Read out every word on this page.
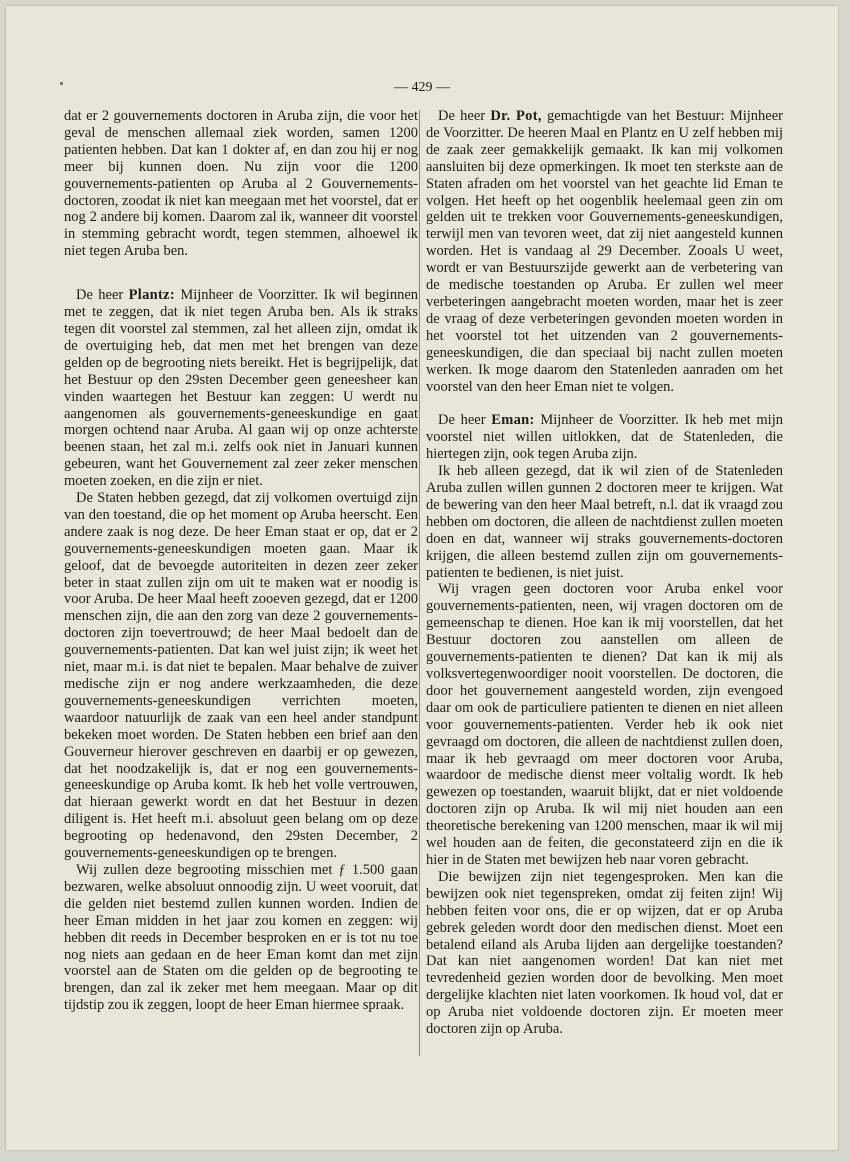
— 429 —

dat er 2 gouvernements doctoren in Aruba zijn, die voor het geval de menschen allemaal ziek worden, samen 1200 patienten hebben. Dat kan 1 dokter af, en dan zou hij er nog meer bij kunnen doen. Nu zijn voor die 1200 gouvernements-patienten op Aruba al 2 Gouvernements-doctoren, zoodat ik niet kan meegaan met het voorstel, dat er nog 2 andere bij komen. Daarom zal ik, wanneer dit voorstel in stemming gebracht wordt, tegen stemmen, alhoewel ik niet tegen Aruba ben.

De heer Plantz: Mijnheer de Voorzitter. Ik wil beginnen met te zeggen, dat ik niet tegen Aruba ben. Als ik straks tegen dit voorstel zal stemmen, zal het alleen zijn, omdat ik de overtuiging heb, dat men met het brengen van deze gelden op de begrooting niets bereikt. Het is begrijpelijk, dat het Bestuur op den 29sten December geen geneesheer kan vinden waartegen het Bestuur kan zeggen: U werdt nu aangenomen als gouvernements-geneeskundige en gaat morgen ochtend naar Aruba. Al gaan wij op onze achterste beenen staan, het zal m.i. zelfs ook niet in Januari kunnen gebeuren, want het Gouvernement zal zeer zeker menschen moeten zoeken, en die zijn er niet.

De Staten hebben gezegd, dat zij volkomen overtuigd zijn van den toestand, die op het moment op Aruba heerscht. Een andere zaak is nog deze. De heer Eman staat er op, dat er 2 gouvernements-geneeskundigen moeten gaan. Maar ik geloof, dat de bevoegde autoriteiten in dezen zeer zeker beter in staat zullen zijn om uit te maken wat er noodig is voor Aruba. De heer Maal heeft zooeven gezegd, dat er 1200 menschen zijn, die aan den zorg van deze 2 gouvernements-doctoren zijn toevertrouwd; de heer Maal bedoelt dan de gouvernements-patienten. Dat kan wel juist zijn; ik weet het niet, maar m.i. is dat niet te bepalen. Maar behalve de zuiver medische zijn er nog andere werkzaamheden, die deze gouvernements-geneeskundigen verrichten moeten, waardoor natuurlijk de zaak van een heel ander standpunt bekeken moet worden. De Staten hebben een brief aan den Gouverneur hierover geschreven en daarbij er op gewezen, dat het noodzakelijk is, dat er nog een gouvernements-geneeskundige op Aruba komt. Ik heb het volle vertrouwen, dat hieraan gewerkt wordt en dat het Bestuur in dezen diligent is. Het heeft m.i. absoluut geen belang om op deze begrooting op hedenavond, den 29sten December, 2 gouvernements-geneeskundigen op te brengen.

Wij zullen deze begrooting misschien met ƒ 1.500 gaan bezwaren, welke absoluut onnoodig zijn. U weet vooruit, dat die gelden niet bestemd zullen kunnen worden. Indien de heer Eman midden in het jaar zou komen en zeggen: wij hebben dit reeds in December besproken en er is tot nu toe nog niets aan gedaan en de heer Eman komt dan met zijn voorstel aan de Staten om die gelden op de begrooting te brengen, dan zal ik zeker met hem meegaan. Maar op dit tijdstip zou ik zeggen, loopt de heer Eman hiermee spraak.

De heer Dr. Pot, gemachtigde van het Bestuur: Mijnheer de Voorzitter. De heeren Maal en Plantz en U zelf hebben mij de zaak zeer gemakkelijk gemaakt. Ik kan mij volkomen aansluiten bij deze opmerkingen. Ik moet ten sterkste aan de Staten afraden om het voorstel van het geachte lid Eman te volgen. Het heeft op het oogenblik heelemaal geen zin om gelden uit te trekken voor Gouvernements-geneeskundigen, terwijl men van tevoren weet, dat zij niet aangesteld kunnen worden. Het is vandaag al 29 December. Zooals U weet, wordt er van Bestuurszijde gewerkt aan de verbetering van de medische toestanden op Aruba. Er zullen wel meer verbeteringen aangebracht moeten worden, maar het is zeer de vraag of deze verbeteringen gevonden moeten worden in het voorstel tot het uitzenden van 2 gouvernements-geneeskundigen, die dan speciaal bij nacht zullen moeten werken. Ik moge daarom den Statenleden aanraden om het voorstel van den heer Eman niet te volgen.

De heer Eman: Mijnheer de Voorzitter. Ik heb met mijn voorstel niet willen uitlokken, dat de Statenleden, die hiertegen zijn, ook tegen Aruba zijn.

Ik heb alleen gezegd, dat ik wil zien of de Statenleden Aruba zullen willen gunnen 2 doctoren meer te krijgen. Wat de bewering van den heer Maal betreft, n.l. dat ik vraagd zou hebben om doctoren, die alleen de nachtdienst zullen moeten doen en dat, wanneer wij straks gouvernements-doctoren krijgen, die alleen bestemd zullen zijn om gouvernements-patienten te bedienen, is niet juist.

Wij vragen geen doctoren voor Aruba enkel voor gouvernements-patienten, neen, wij vragen doctoren om de gemeenschap te dienen. Hoe kan ik mij voorstellen, dat het Bestuur doctoren zou aanstellen om alleen de gouvernements-patienten te dienen? Dat kan ik mij als volksvertegenwoordiger nooit voorstellen. De doctoren, die door het gouvernement aangesteld worden, zijn evengoed daar om ook de particuliere patienten te dienen en niet alleen voor gouvernements-patienten. Verder heb ik ook niet gevraagd om doctoren, die alleen de nachtdienst zullen doen, maar ik heb gevraagd om meer doctoren voor Aruba, waardoor de medische dienst meer voltalig wordt. Ik heb gewezen op toestanden, waaruit blijkt, dat er niet voldoende doctoren zijn op Aruba. Ik wil mij niet houden aan een theoretische berekening van 1200 menschen, maar ik wil mij wel houden aan de feiten, die geconstateerd zijn en die ik hier in de Staten met bewijzen heb naar voren gebracht.

Die bewijzen zijn niet tegengesproken. Men kan die bewijzen ook niet tegenspreken, omdat zij feiten zijn! Wij hebben feiten voor ons, die er op wijzen, dat er op Aruba gebrek geleden wordt door den medischen dienst. Moet een betalend eiland als Aruba lijden aan dergelijke toestanden? Dat kan niet aangenomen worden! Dat kan niet met tevredenheid gezien worden door de bevolking. Men moet dergelijke klachten niet laten voorkomen. Ik houd vol, dat er op Aruba niet voldoende doctoren zijn. Er moeten meer doctoren zijn op Aruba.
